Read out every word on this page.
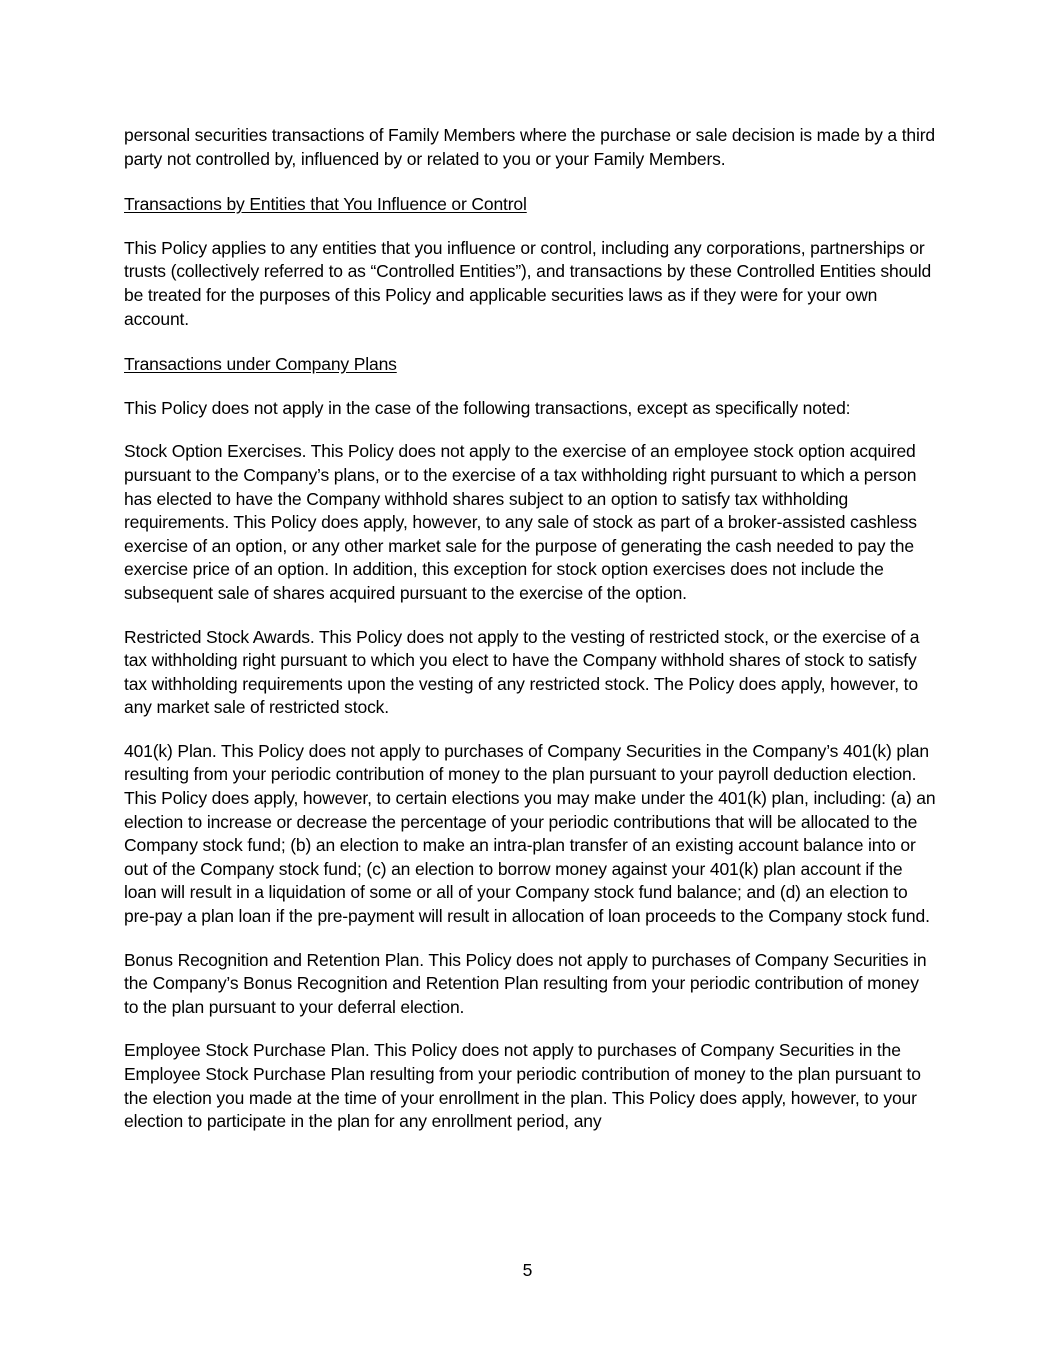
personal securities transactions of Family Members where the purchase or sale decision is made by a third party not controlled by, influenced by or related to you or your Family Members.

Transactions by Entities that You Influence or Control

This Policy applies to any entities that you influence or control, including any corporations, partnerships or trusts (collectively referred to as “Controlled Entities”), and transactions by these Controlled Entities should be treated for the purposes of this Policy and applicable securities laws as if they were for your own account.

Transactions under Company Plans

This Policy does not apply in the case of the following transactions, except as specifically noted:

Stock Option Exercises. This Policy does not apply to the exercise of an employee stock option acquired pursuant to the Company’s plans, or to the exercise of a tax withholding right pursuant to which a person has elected to have the Company withhold shares subject to an option to satisfy tax withholding requirements. This Policy does apply, however, to any sale of stock as part of a broker-assisted cashless exercise of an option, or any other market sale for the purpose of generating the cash needed to pay the exercise price of an option. In addition, this exception for stock option exercises does not include the subsequent sale of shares acquired pursuant to the exercise of the option.

Restricted Stock Awards. This Policy does not apply to the vesting of restricted stock, or the exercise of a tax withholding right pursuant to which you elect to have the Company withhold shares of stock to satisfy tax withholding requirements upon the vesting of any restricted stock. The Policy does apply, however, to any market sale of restricted stock.

401(k) Plan. This Policy does not apply to purchases of Company Securities in the Company’s 401(k) plan resulting from your periodic contribution of money to the plan pursuant to your payroll deduction election. This Policy does apply, however, to certain elections you may make under the 401(k) plan, including: (a) an election to increase or decrease the percentage of your periodic contributions that will be allocated to the Company stock fund; (b) an election to make an intra-plan transfer of an existing account balance into or out of the Company stock fund; (c) an election to borrow money against your 401(k) plan account if the loan will result in a liquidation of some or all of your Company stock fund balance; and (d) an election to pre-pay a plan loan if the pre-payment will result in allocation of loan proceeds to the Company stock fund.

Bonus Recognition and Retention Plan. This Policy does not apply to purchases of Company Securities in the Company’s Bonus Recognition and Retention Plan resulting from your periodic contribution of money to the plan pursuant to your deferral election.

Employee Stock Purchase Plan. This Policy does not apply to purchases of Company Securities in the Employee Stock Purchase Plan resulting from your periodic contribution of money to the plan pursuant to the election you made at the time of your enrollment in the plan. This Policy does apply, however, to your election to participate in the plan for any enrollment period, any

5
